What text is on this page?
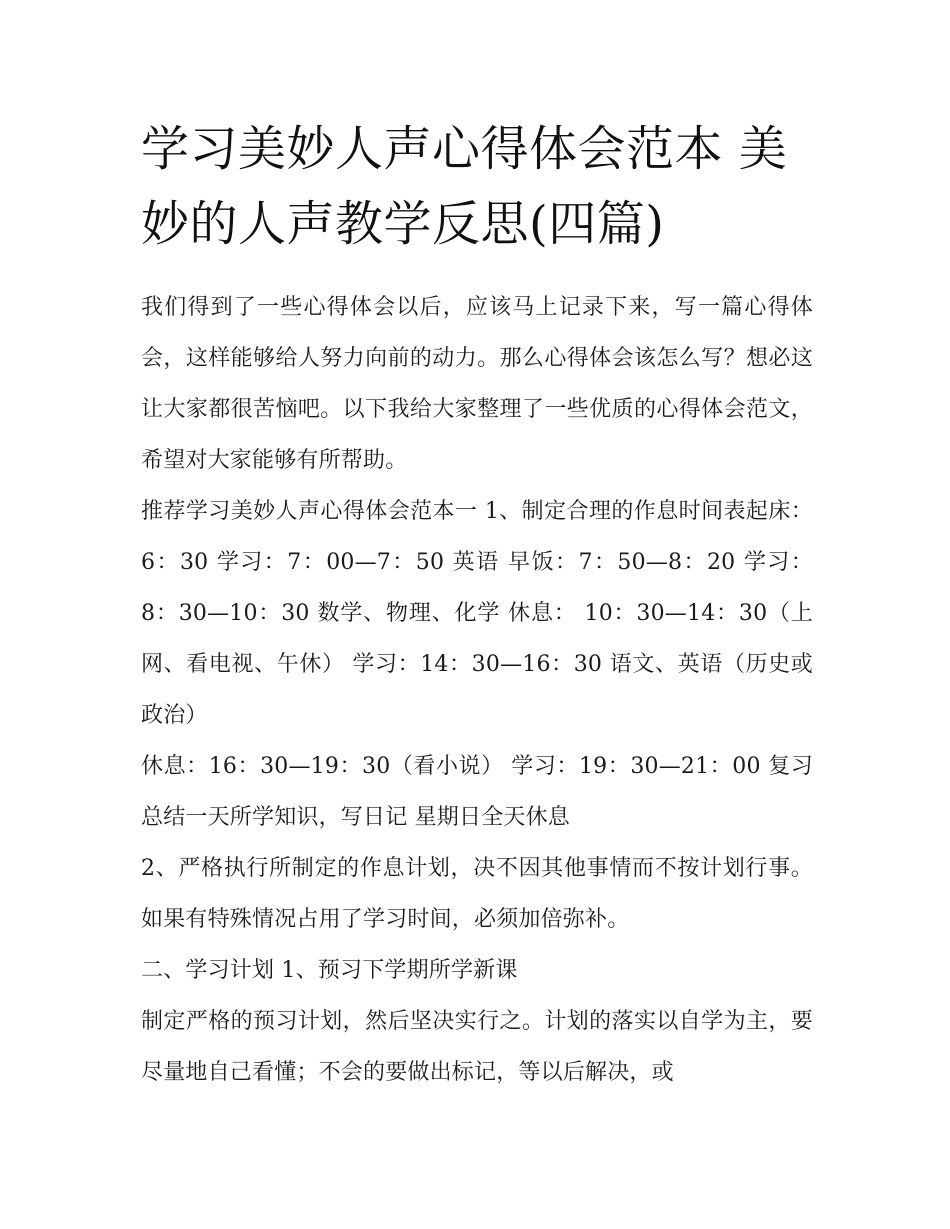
学习美妙人声心得体会范本 美妙的人声教学反思(四篇)

我们得到了一些心得体会以后，应该马上记录下来，写一篇心得体会，这样能够给人努力向前的动力。那么心得体会该怎么写？想必这让大家都很苦恼吧。以下我给大家整理了一些优质的心得体会范文，希望对大家能够有所帮助。

推荐学习美妙人声心得体会范本一 1、制定合理的作息时间表起床：6：30 学习：7：00—7：50 英语 早饭：7：50—8：20 学习：8：30—10：30 数学、物理、化学 休息： 10：30—14：30（上网、看电视、午休） 学习：14：30—16：30 语文、英语（历史或政治）

休息：16：30—19：30（看小说） 学习：19：30—21：00 复习总结一天所学知识，写日记 星期日全天休息

2、严格执行所制定的作息计划，决不因其他事情而不按计划行事。如果有特殊情况占用了学习时间，必须加倍弥补。

二、学习计划 1、预习下学期所学新课

制定严格的预习计划，然后坚决实行之。计划的落实以自学为主，要尽量地自己看懂；不会的要做出标记，等以后解决，或
